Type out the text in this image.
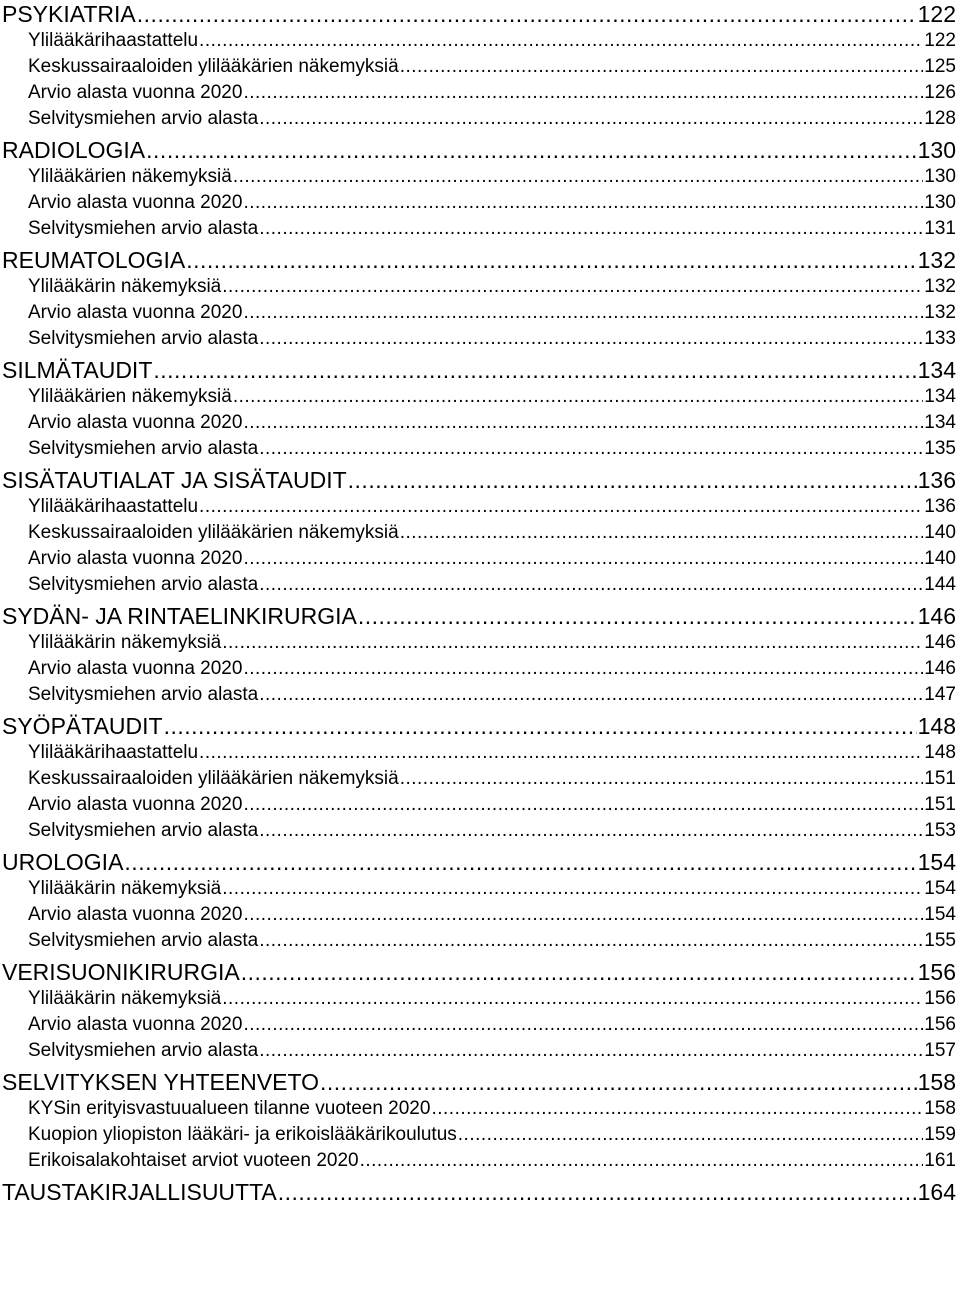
PSYKIATRIA .....	122
Ylilääkärihaastattelu .....	122
Keskussairaaloiden ylilääkärien näkemyksiä .....	125
Arvio alasta vuonna 2020 .....	126
Selvitysmiehen arvio alasta .....	128
RADIOLOGIA .....	130
Ylilääkärien näkemyksiä .....	130
Arvio alasta vuonna 2020 .....	130
Selvitysmiehen arvio alasta .....	131
REUMATOLOGIA .....	132
Ylilääkärin näkemyksiä .....	132
Arvio alasta vuonna 2020 .....	132
Selvitysmiehen arvio alasta .....	133
SILMÄTAUDIT .....	134
Ylilääkärien näkemyksiä .....	134
Arvio alasta vuonna 2020 .....	134
Selvitysmiehen arvio alasta .....	135
SISÄTAUTIALAT JA SISÄTAUDIT .....	136
Ylilääkärihaastattelu .....	136
Keskussairaaloiden ylilääkärien näkemyksiä .....	140
Arvio alasta vuonna 2020 .....	140
Selvitysmiehen arvio alasta .....	144
SYDÄN- JA RINTAELINKIRURGIA .....	146
Ylilääkärin näkemyksiä .....	146
Arvio alasta vuonna 2020 .....	146
Selvitysmiehen arvio alasta .....	147
SYÖPÄTAUDIT .....	148
Ylilääkärihaastattelu .....	148
Keskussairaaloiden ylilääkärien näkemyksiä .....	151
Arvio alasta vuonna 2020 .....	151
Selvitysmiehen arvio alasta .....	153
UROLOGIA .....	154
Ylilääkärin näkemyksiä .....	154
Arvio alasta vuonna 2020 .....	154
Selvitysmiehen arvio alasta .....	155
VERISUONIKIRURGIA .....	156
Ylilääkärin näkemyksiä .....	156
Arvio alasta vuonna 2020 .....	156
Selvitysmiehen arvio alasta .....	157
SELVITYKSEN YHTEENVETO .....	158
KYSin erityisvastuualueen tilanne vuoteen 2020 .....	158
Kuopion yliopiston lääkäri- ja erikoislääkärikoulutus .....	159
Erikoisalakohtaiset arviot vuoteen 2020 .....	161
TAUSTAKIRJALLISUUTTA .....	164
